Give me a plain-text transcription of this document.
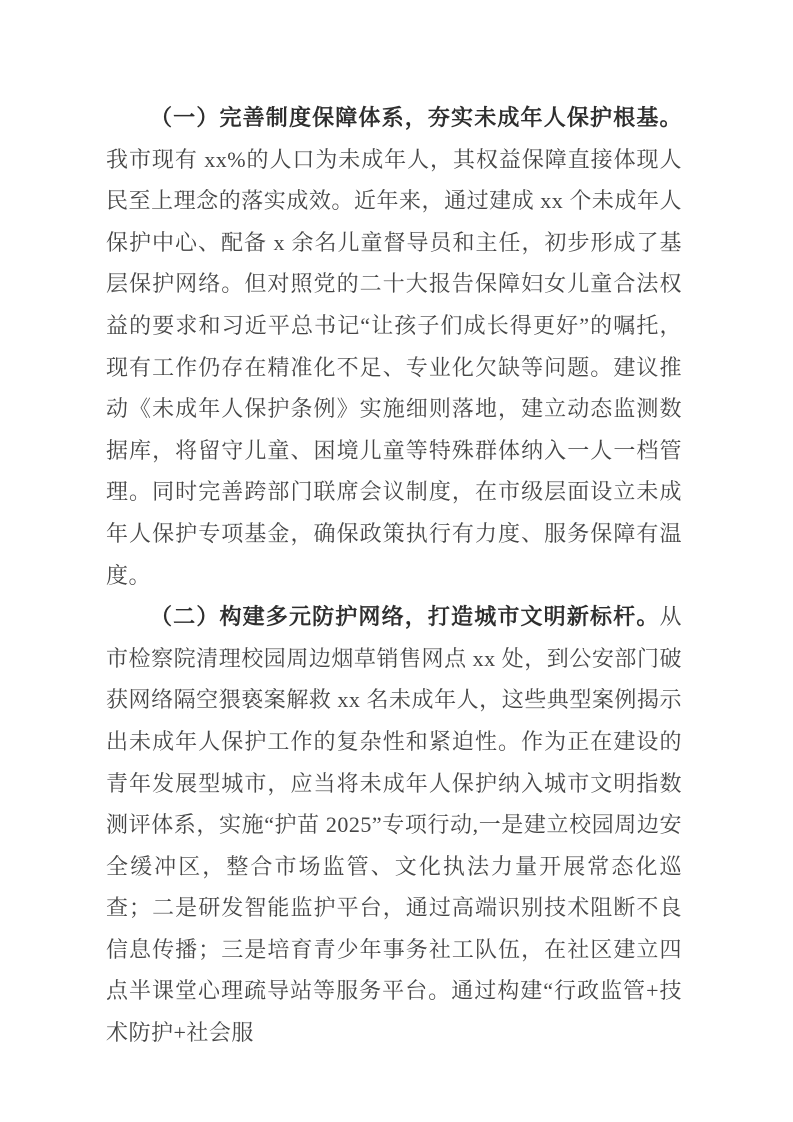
（一）完善制度保障体系，夯实未成年人保护根基。我市现有 xx%的人口为未成年人，其权益保障直接体现人民至上理念的落实成效。近年来，通过建成 xx 个未成年人保护中心、配备 x 余名儿童督导员和主任，初步形成了基层保护网络。但对照党的二十大报告保障妇女儿童合法权益的要求和习近平总书记“让孩子们成长得更好”的嘱托，现有工作仍存在精准化不足、专业化欠缺等问题。建议推动《未成年人保护条例》实施细则落地，建立动态监测数据库，将留守儿童、困境儿童等特殊群体纳入一人一档管理。同时完善跨部门联席会议制度，在市级层面设立未成年人保护专项基金，确保政策执行有力度、服务保障有温度。

（二）构建多元防护网络，打造城市文明新标杆。从市检察院清理校园周边烟草销售网点 xx 处，到公安部门破获网络隔空猥亵案解救 xx 名未成年人，这些典型案例揭示出未成年人保护工作的复杂性和紧迫性。作为正在建设的青年发展型城市，应当将未成年人保护纳入城市文明指数测评体系，实施“护苗 2025”专项行动,一是建立校园周边安全缓冲区，整合市场监管、文化执法力量开展常态化巡查；二是研发智能监护平台，通过高端识别技术阻断不良信息传播；三是培育青少年事务社工队伍，在社区建立四点半课堂心理疏导站等服务平台。通过构建“行政监管+技术防护+社会服
